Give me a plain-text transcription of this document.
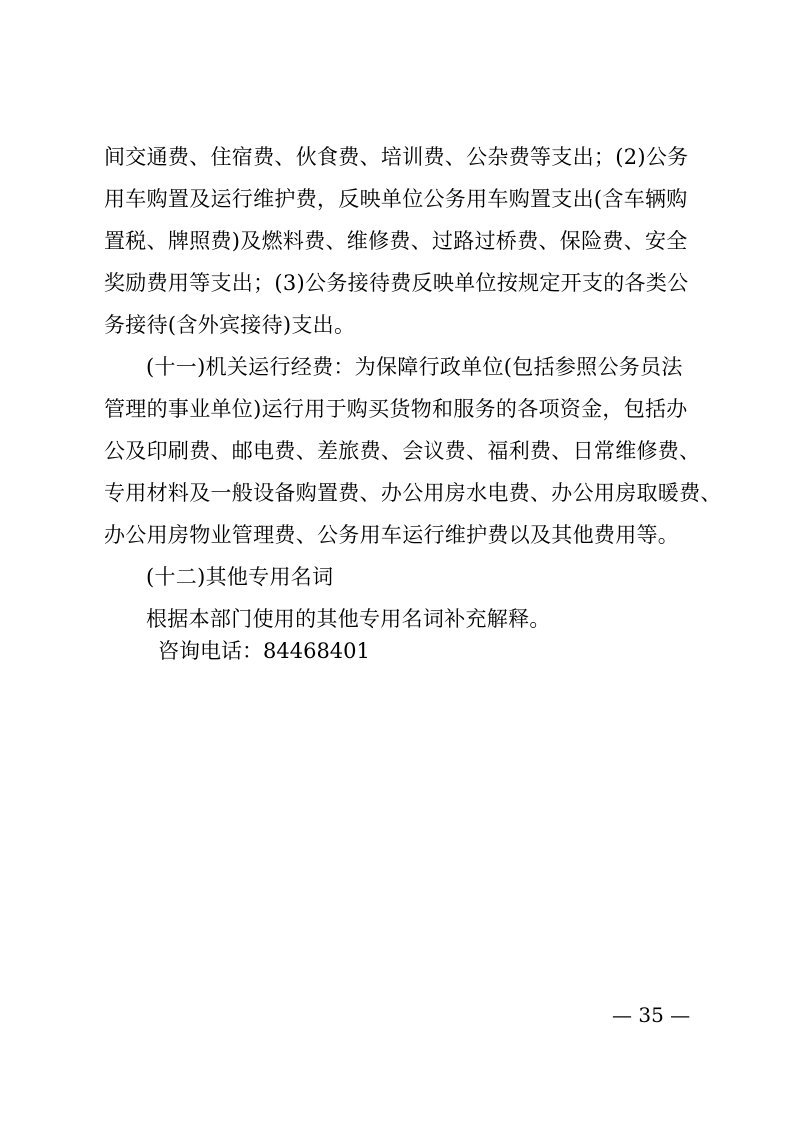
间交通费、住宿费、伙食费、培训费、公杂费等支出；(2)公务
用车购置及运行维护费，反映单位公务用车购置支出(含车辆购
置税、牌照费)及燃料费、维修费、过路过桥费、保险费、安全
奖励费用等支出；(3)公务接待费反映单位按规定开支的各类公
务接待(含外宾接待)支出。
(十一)机关运行经费：为保障行政单位(包括参照公务员法
管理的事业单位)运行用于购买货物和服务的各项资金，包括办
公及印刷费、邮电费、差旅费、会议费、福利费、日常维修费、
专用材料及一般设备购置费、办公用房水电费、办公用房取暖费、
办公用房物业管理费、公务用车运行维护费以及其他费用等。
(十二)其他专用名词
根据本部门使用的其他专用名词补充解释。
咨询电话：84468401
— 35 —
